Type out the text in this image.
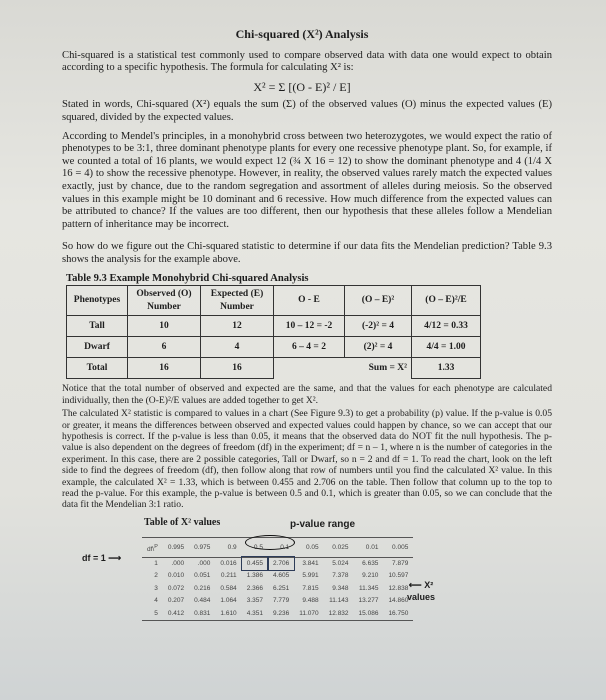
Chi-squared (X²) Analysis

Chi-squared is a statistical test commonly used to compare observed data with data one would expect to obtain according to a specific hypothesis. The formula for calculating X² is:

X² = Σ [(O - E)² / E]

Stated in words, Chi-squared (X²) equals the sum (Σ) of the observed values (O) minus the expected values (E) squared, divided by the expected values.

According to Mendel's principles, in a monohybrid cross between two heterozygotes, we would expect the ratio of phenotypes to be 3:1, three dominant phenotype plants for every one recessive phenotype plant. So, for example, if we counted a total of 16 plants, we would expect 12 (¾ X 16 = 12) to show the dominant phenotype and 4 (1/4 X 16 = 4) to show the recessive phenotype. However, in reality, the observed values rarely match the expected values exactly, just by chance, due to the random segregation and assortment of alleles during meiosis. So the observed values in this example might be 10 dominant and 6 recessive. How much difference from the expected values can be attributed to chance? If the values are too different, then our hypothesis that these alleles follow a Mendelian pattern of inheritance may be incorrect.

So how do we figure out the Chi-squared statistic to determine if our data fits the Mendelian prediction? Table 9.3 shows the analysis for the example above.

Table 9.3 Example Monohybrid Chi-squared Analysis
Phenotypes	Observed (O) Number	Expected (E) Number	O - E	(O – E)²	(O – E)²/E
Tall	10	12	10 – 12 = -2	(-2)² = 4	4/12 = 0.33
Dwarf	6	4	6 – 4 = 2	(2)² = 4	4/4 = 1.00
Total	16	16		Sum = X²	1.33

Notice that the total number of observed and expected are the same, and that the values for each phenotype are calculated individually, then the (O-E)²/E values are added together to get X².

The calculated X² statistic is compared to values in a chart (See Figure 9.3) to get a probability (p) value. If the p-value is 0.05 or greater, it means the differences between observed and expected values could happen by chance, so we can accept that our hypothesis is correct. If the p-value is less than 0.05, it means that the observed data do NOT fit the null hypothesis. The p-value is also dependent on the degrees of freedom (df) in the experiment; df = n – 1, where n is the number of categories in the experiment. In this case, there are 2 possible categories, Tall or Dwarf, so n = 2 and df = 1. To read the chart, look on the left side to find the degrees of freedom (df), then follow along that row of numbers until you find the calculated X² value. In this example, the calculated X² = 1.33, which is between 0.455 and 2.706 on the table. Then follow that column up to the top to read the p-value. For this example, the p-value is between 0.5 and 0.1, which is greater than 0.05, so we can conclude that the data fit the Mendelian 3:1 ratio.

Table of X² values	p-value range
df = 1 ⟶
⟵ X²
values
df\$^P$	0.995	0.975	0.9	0.5	0.1	0.05	0.025	0.01	0.005
1	.000	.000	0.016	0.455	2.706	3.841	5.024	6.635	7.879
2	0.010	0.051	0.211	1.386	4.605	5.991	7.378	9.210	10.597
3	0.072	0.216	0.584	2.366	6.251	7.815	9.348	11.345	12.838
4	0.207	0.484	1.064	3.357	7.779	9.488	11.143	13.277	14.860
5	0.412	0.831	1.610	4.351	9.236	11.070	12.832	15.086	16.750
